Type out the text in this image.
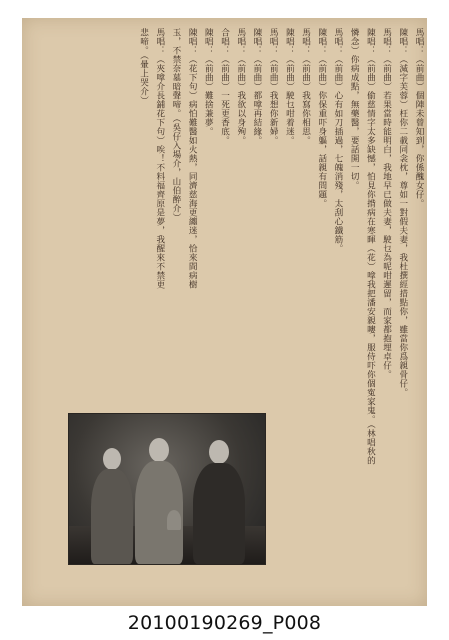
馬唱：（前曲）個陣未曾知到，你係醜女仔。
陳唱：（減字芙蓉）枉你二載同衾枕，尊如一對假夫妻，我杜撰經措點你，雖當你爲親骨仔。
馬唱：（前曲）若果當時能明白，我地早已做夫妻，駛乜為呢咁遲留，而家都抱埋卓仔。
陳唱：（前曲）偷慈情字太多缺憾，怕見你揹病在寒暉（花）嗱我把潘安親嘍，服侍吓你個寃家鬼。（林唱秋的
憐念）你病成點，無藥醫，要話開一切。
馬唱：（前曲）心有如刀插過，七魄消殘，太刮心鐵筋。
陳唱：（前曲）你保重吓身軀，話親有問題。
馬唱：（前曲）我寫你相思。
陳唱：（前曲）駛乜咁着迷。
馬唱：（前曲）我想你新婦。
陳唱：（前曲）都嗱再結緣。
馬唱：（前曲）我欲以身殉。
合唱：（前曲）一死更香底。
陳唱：（前曲）難捨兼夢。
陳唱：（花下句）病怕難醫如火熱，同濟慈海更纏迷，恰來間病樹
玉，不禁奈墓暗聲啼。（吳仔入場介，山伯醉介）
馬唱：（夾嗱介長鋪花下句）唉！不料福齊原是夢，我醒來不禁更
悲啼。（暈上哭介）
20100190269_P008
